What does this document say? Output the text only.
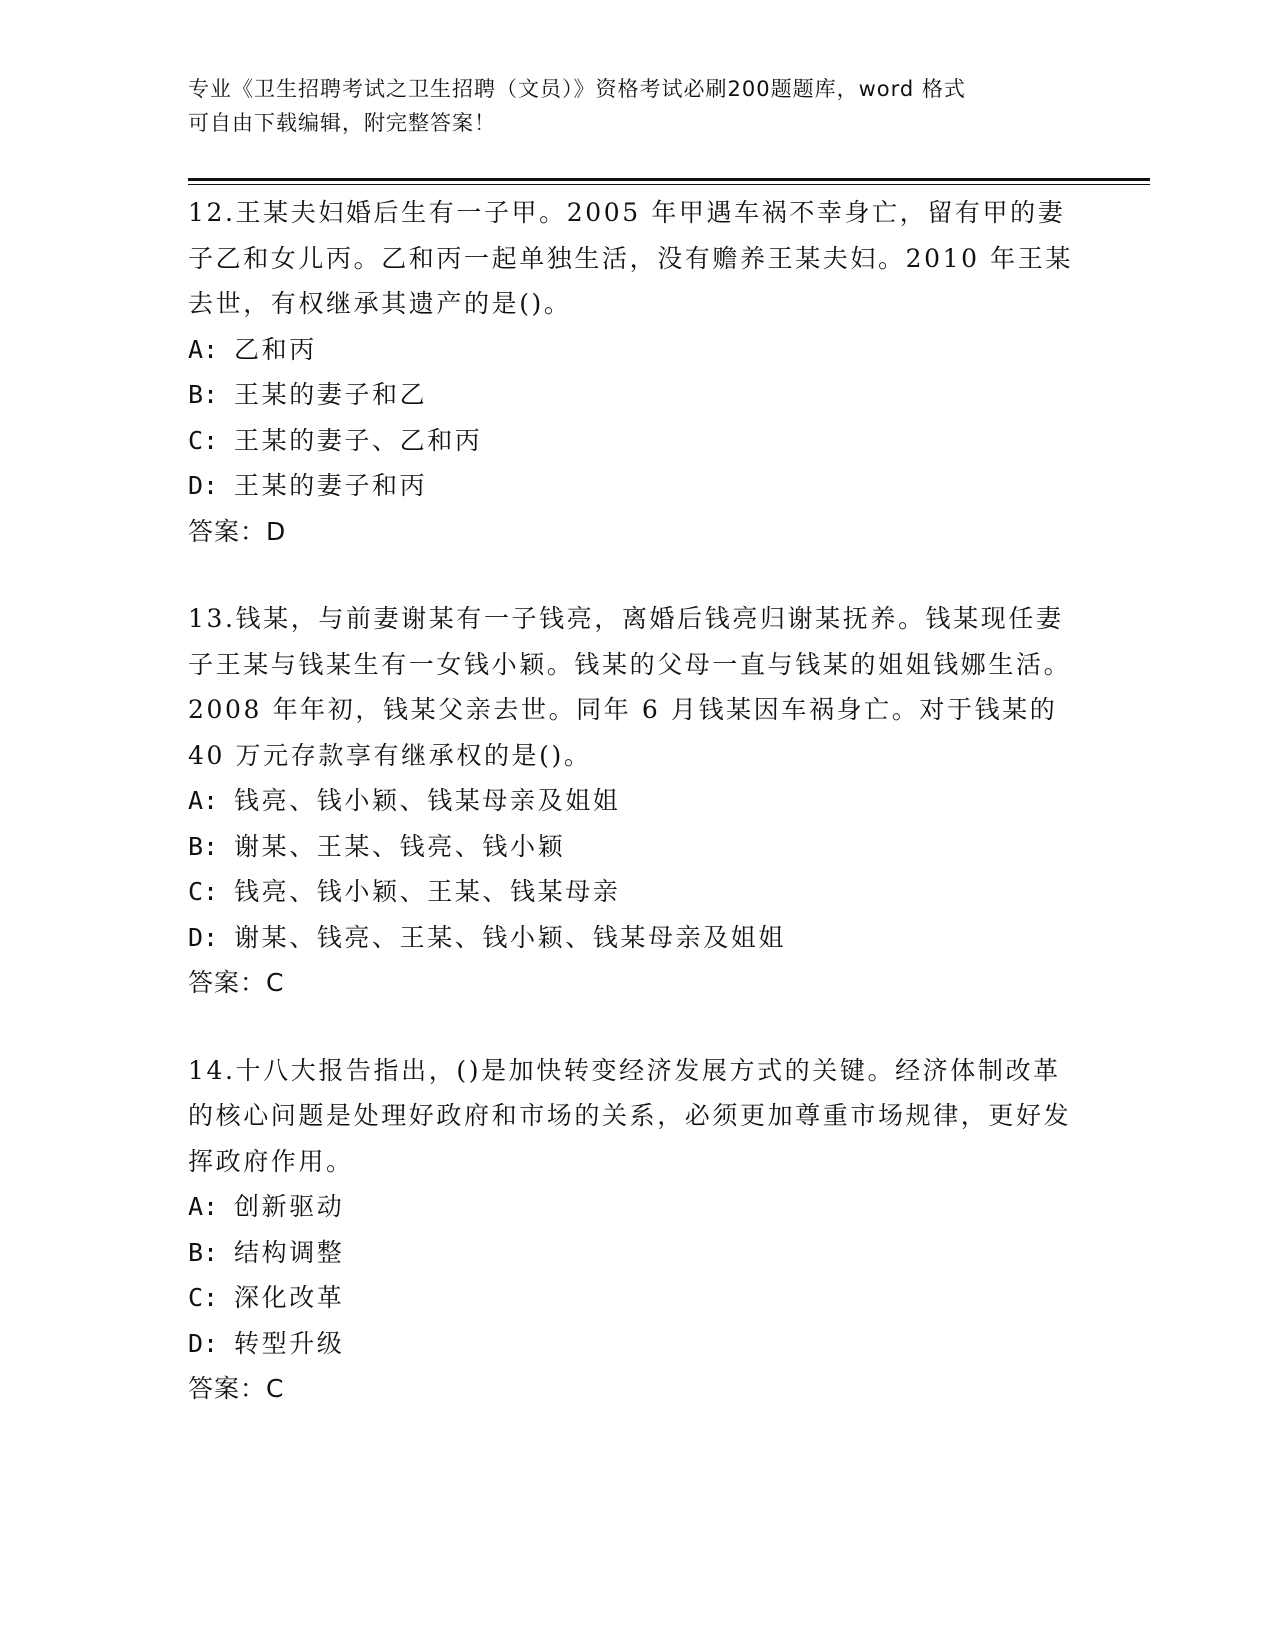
专业《卫生招聘考试之卫生招聘（文员）》资格考试必刷200题题库，word 格式
可自由下载编辑，附完整答案！

12.王某夫妇婚后生有一子甲。2005 年甲遇车祸不幸身亡，留有甲的妻子乙和女儿丙。乙和丙一起单独生活，没有赡养王某夫妇。2010 年王某去世，有权继承其遗产的是()。

A: 乙和丙
B: 王某的妻子和乙
C: 王某的妻子、乙和丙
D: 王某的妻子和丙
答案：D

13.钱某，与前妻谢某有一子钱亮，离婚后钱亮归谢某抚养。钱某现任妻子王某与钱某生有一女钱小颖。钱某的父母一直与钱某的姐姐钱娜生活。2008 年年初，钱某父亲去世。同年 6 月钱某因车祸身亡。对于钱某的 40 万元存款享有继承权的是()。

A: 钱亮、钱小颖、钱某母亲及姐姐
B: 谢某、王某、钱亮、钱小颖
C: 钱亮、钱小颖、王某、钱某母亲
D: 谢某、钱亮、王某、钱小颖、钱某母亲及姐姐
答案：C

14.十八大报告指出，()是加快转变经济发展方式的关键。经济体制改革的核心问题是处理好政府和市场的关系，必须更加尊重市场规律，更好发挥政府作用。

A: 创新驱动
B: 结构调整
C: 深化改革
D: 转型升级
答案：C
